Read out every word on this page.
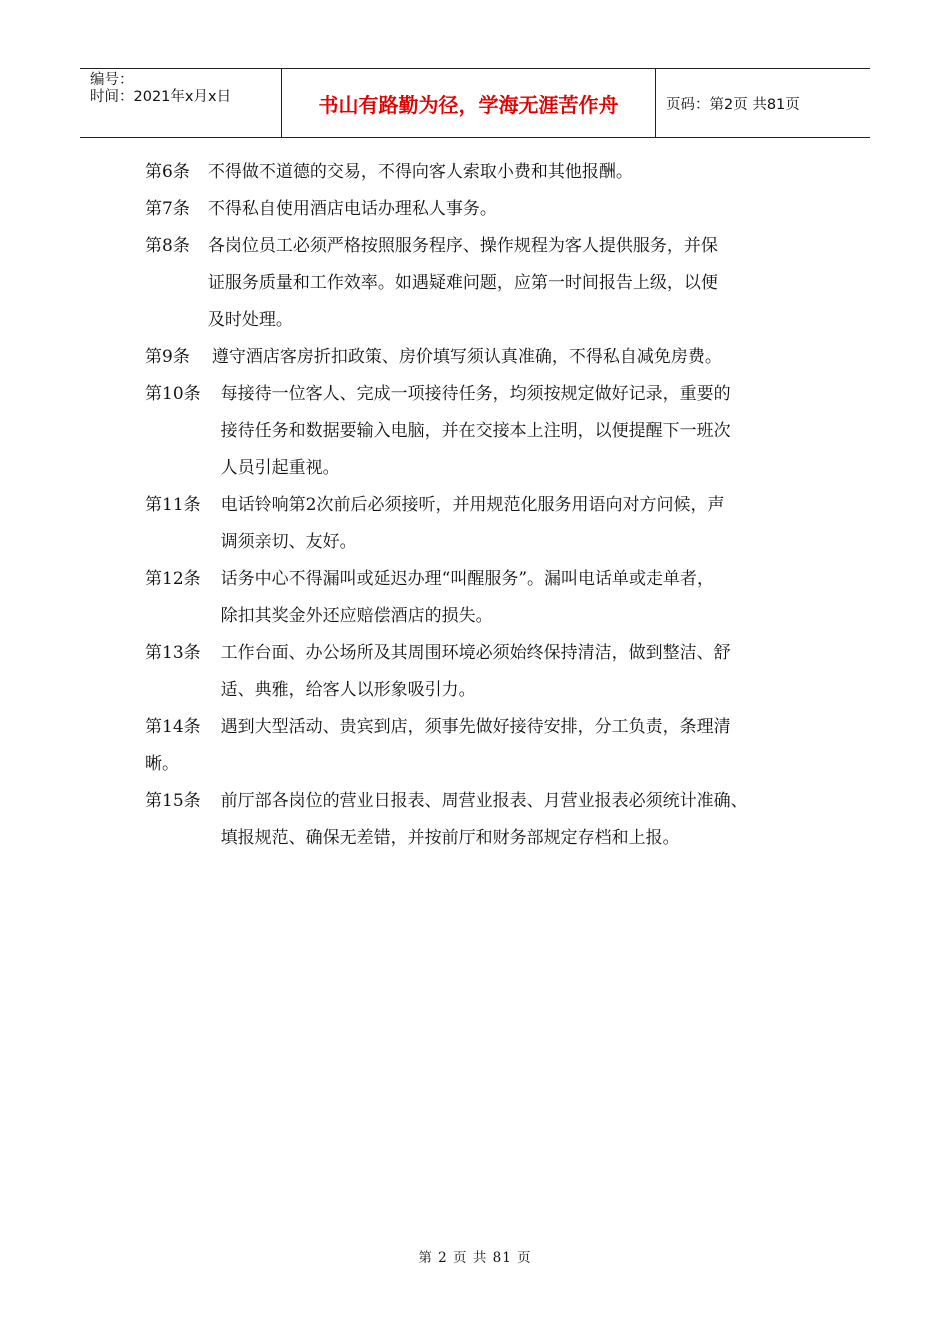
编号：
时间：2021年x月x日	书山有路勤为径，学海无涯苦作舟	页码：第2页 共81页
第6条 不得做不道德的交易，不得向客人索取小费和其他报酬。
第7条 不得私自使用酒店电话办理私人事务。
第8条 各岗位员工必须严格按照服务程序、操作规程为客人提供服务，并保
证服务质量和工作效率。如遇疑难问题，应第一时间报告上级，以便
及时处理。
第9条 遵守酒店客房折扣政策、房价填写须认真准确，不得私自减免房费。
第10条 每接待一位客人、完成一项接待任务，均须按规定做好记录，重要的
接待任务和数据要输入电脑，并在交接本上注明，以便提醒下一班次
人员引起重视。
第11条 电话铃响第2次前后必须接听，并用规范化服务用语向对方问候，声
调须亲切、友好。
第12条 话务中心不得漏叫或延迟办理“叫醒服务”。漏叫电话单或走单者，
除扣其奖金外还应赔偿酒店的损失。
第13条 工作台面、办公场所及其周围环境必须始终保持清洁，做到整洁、舒
适、典雅，给客人以形象吸引力。
第14条 遇到大型活动、贵宾到店，须事先做好接待安排，分工负责，条理清
晰。
第15条 前厅部各岗位的营业日报表、周营业报表、月营业报表必须统计准确、
填报规范、确保无差错，并按前厅和财务部规定存档和上报。
第 2 页 共 81 页
